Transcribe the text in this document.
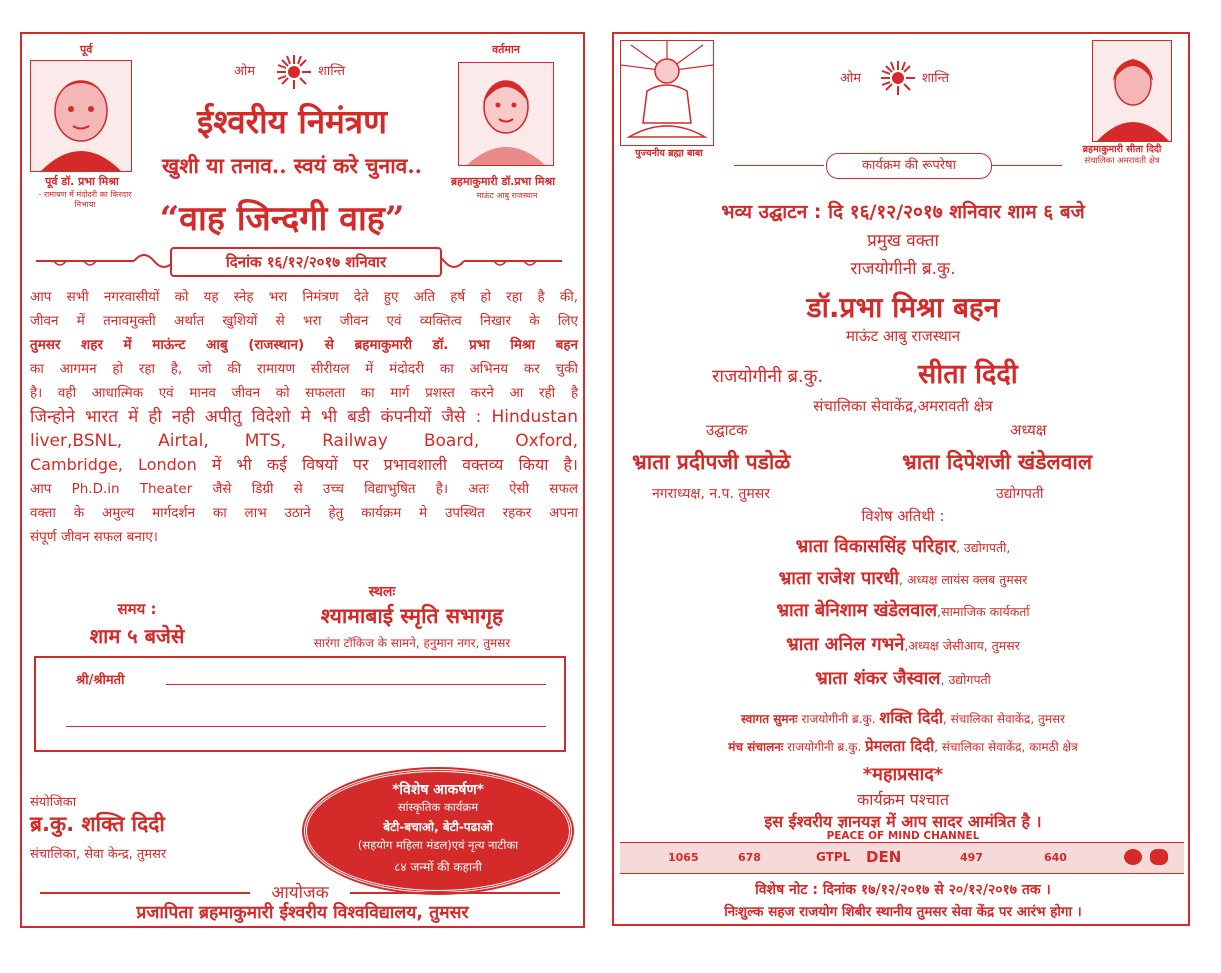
पूर्व
पूर्व डॉ. प्रभा मिश्रा
- रामायण में मंदोदरी का किरदार निभाया
ओम	शान्ति
वर्तमान
ब्रहमाकुमारी डॉ.प्रभा मिश्रा
माऊंट आबु राजस्थान
ईश्वरीय निमंत्रण
खुशी या तनाव.. स्वयं करे चुनाव..
“वाह जिन्दगी वाह”
दिनांक १६/१२/२०१७ शनिवार
आप सभी नगरवासीयों को यह स्नेह भरा निमंत्रण देते हुए अति हर्ष हो रहा है की,
जीवन में तनावमुक्ती अर्थात खुशियों से भरा जीवन एवं व्यक्तित्व निखार के लिए
तुमसर शहर में माऊंन्ट आबु (राजस्थान) से ब्रहमाकुमारी डॉ. प्रभा मिश्रा बहन
का आगमन हो रहा है, जो की रामायण सीरीयल में मंदोदरी का अभिनय कर चुकी
है। वही आधात्मिक एवं मानव जीवन को सफलता का मार्ग प्रशस्त करने आ रही है
जिन्होने भारत में ही नही अपीतु विदेशो मे भी बडी कंपनीयों जैसे : Hindustan
liver,BSNL, Airtal, MTS, Railway Board, Oxford,
Cambridge, London में भी कई विषयों पर प्रभावशाली वक्तव्य किया है।
आप Ph.D.in Theater जैसे डिग्री से उच्च विद्याभुषित है। अतः ऐसी सफल
वक्ता के अमुल्य मार्गदर्शन का लाभ उठाने हेतु कार्यक्रम मे उपस्थित रहकर अपना
संपूर्ण जीवन सफल बनाए।
समय :
शाम ५ बजेसे
स्थलः
श्यामाबाई स्मृति सभागृह
सारंगा टॉकिज के सामने, हनुमान नगर, तुमसर
श्री/श्रीमती
संयोजिका
ब्र.कु. शक्ति दिदी
संचालिका, सेवा केन्द्र, तुमसर
*विशेष आकर्षण*
सांस्कृतिक कार्यक्रम
बेटी-बचाओ, बेटी-पढाओ
(सहयोग महिला मंडल)एवं नृत्य नाटीका
८४ जन्मों की कहानी
आयोजक
प्रजापिता ब्रहमाकुमारी ईश्वरीय विश्वविद्यालय, तुमसर
पुज्यनीय ब्रह्मा बाबा
ओम	शान्ति
ब्रहमाकुमारी सीता दिदी
संचालिका अमरावती क्षेत्र
कार्यक्रम की रूपरेषा
भव्य उद्घाटन : दि १६/१२/२०१७ शनिवार शाम ६ बजे
प्रमुख वक्ता
राजयोगीनी ब्र.कु.
डॉ.प्रभा मिश्रा बहन
माऊंट आबु राजस्थान
राजयोगीनी ब्र.कु.	सीता दिदी
संचालिका सेवाकेंद्र,अमरावती क्षेत्र
उद्घाटक	अध्यक्ष
भ्राता प्रदीपजी पडोळे	भ्राता दिपेशजी खंडेलवाल
नगराध्यक्ष, न.प. तुमसर	उद्योगपती
विशेष अतिथी :
भ्राता विकाससिंह परिहार, उद्योगपती,
भ्राता राजेश पारधी, अध्यक्ष लायंस क्लब तुमसर
भ्राता बेनिशाम खंडेलवाल,सामाजिक कार्यकर्ता
भ्राता अनिल गभने,अध्यक्ष जेसीआय, तुमसर
भ्राता शंकर जैस्वाल, उद्योगपती
स्वागत सुमनः राजयोगीनी ब्र.कु. शक्ति दिदी, संचालिका सेवाकेंद्र, तुमसर
मंच संचालनः राजयोगीनी ब्र.कु. प्रेमलता दिदी, संचालिका सेवाकेंद्र, कामठी क्षेत्र
*महाप्रसाद*
कार्यक्रम पश्चात
इस ईश्वरीय ज्ञानयज्ञ में आप सादर आमंत्रित है ।
PEACE OF MIND CHANNEL
1065	678	GTPL DEN	497	640
विशेष नोट : दिनांक १७/१२/२०१७ से २०/१२/२०१७ तक ।
निःशुल्क सहज राजयोग शिबीर स्थानीय तुमसर सेवा केंद्र पर आरंभ होगा ।
